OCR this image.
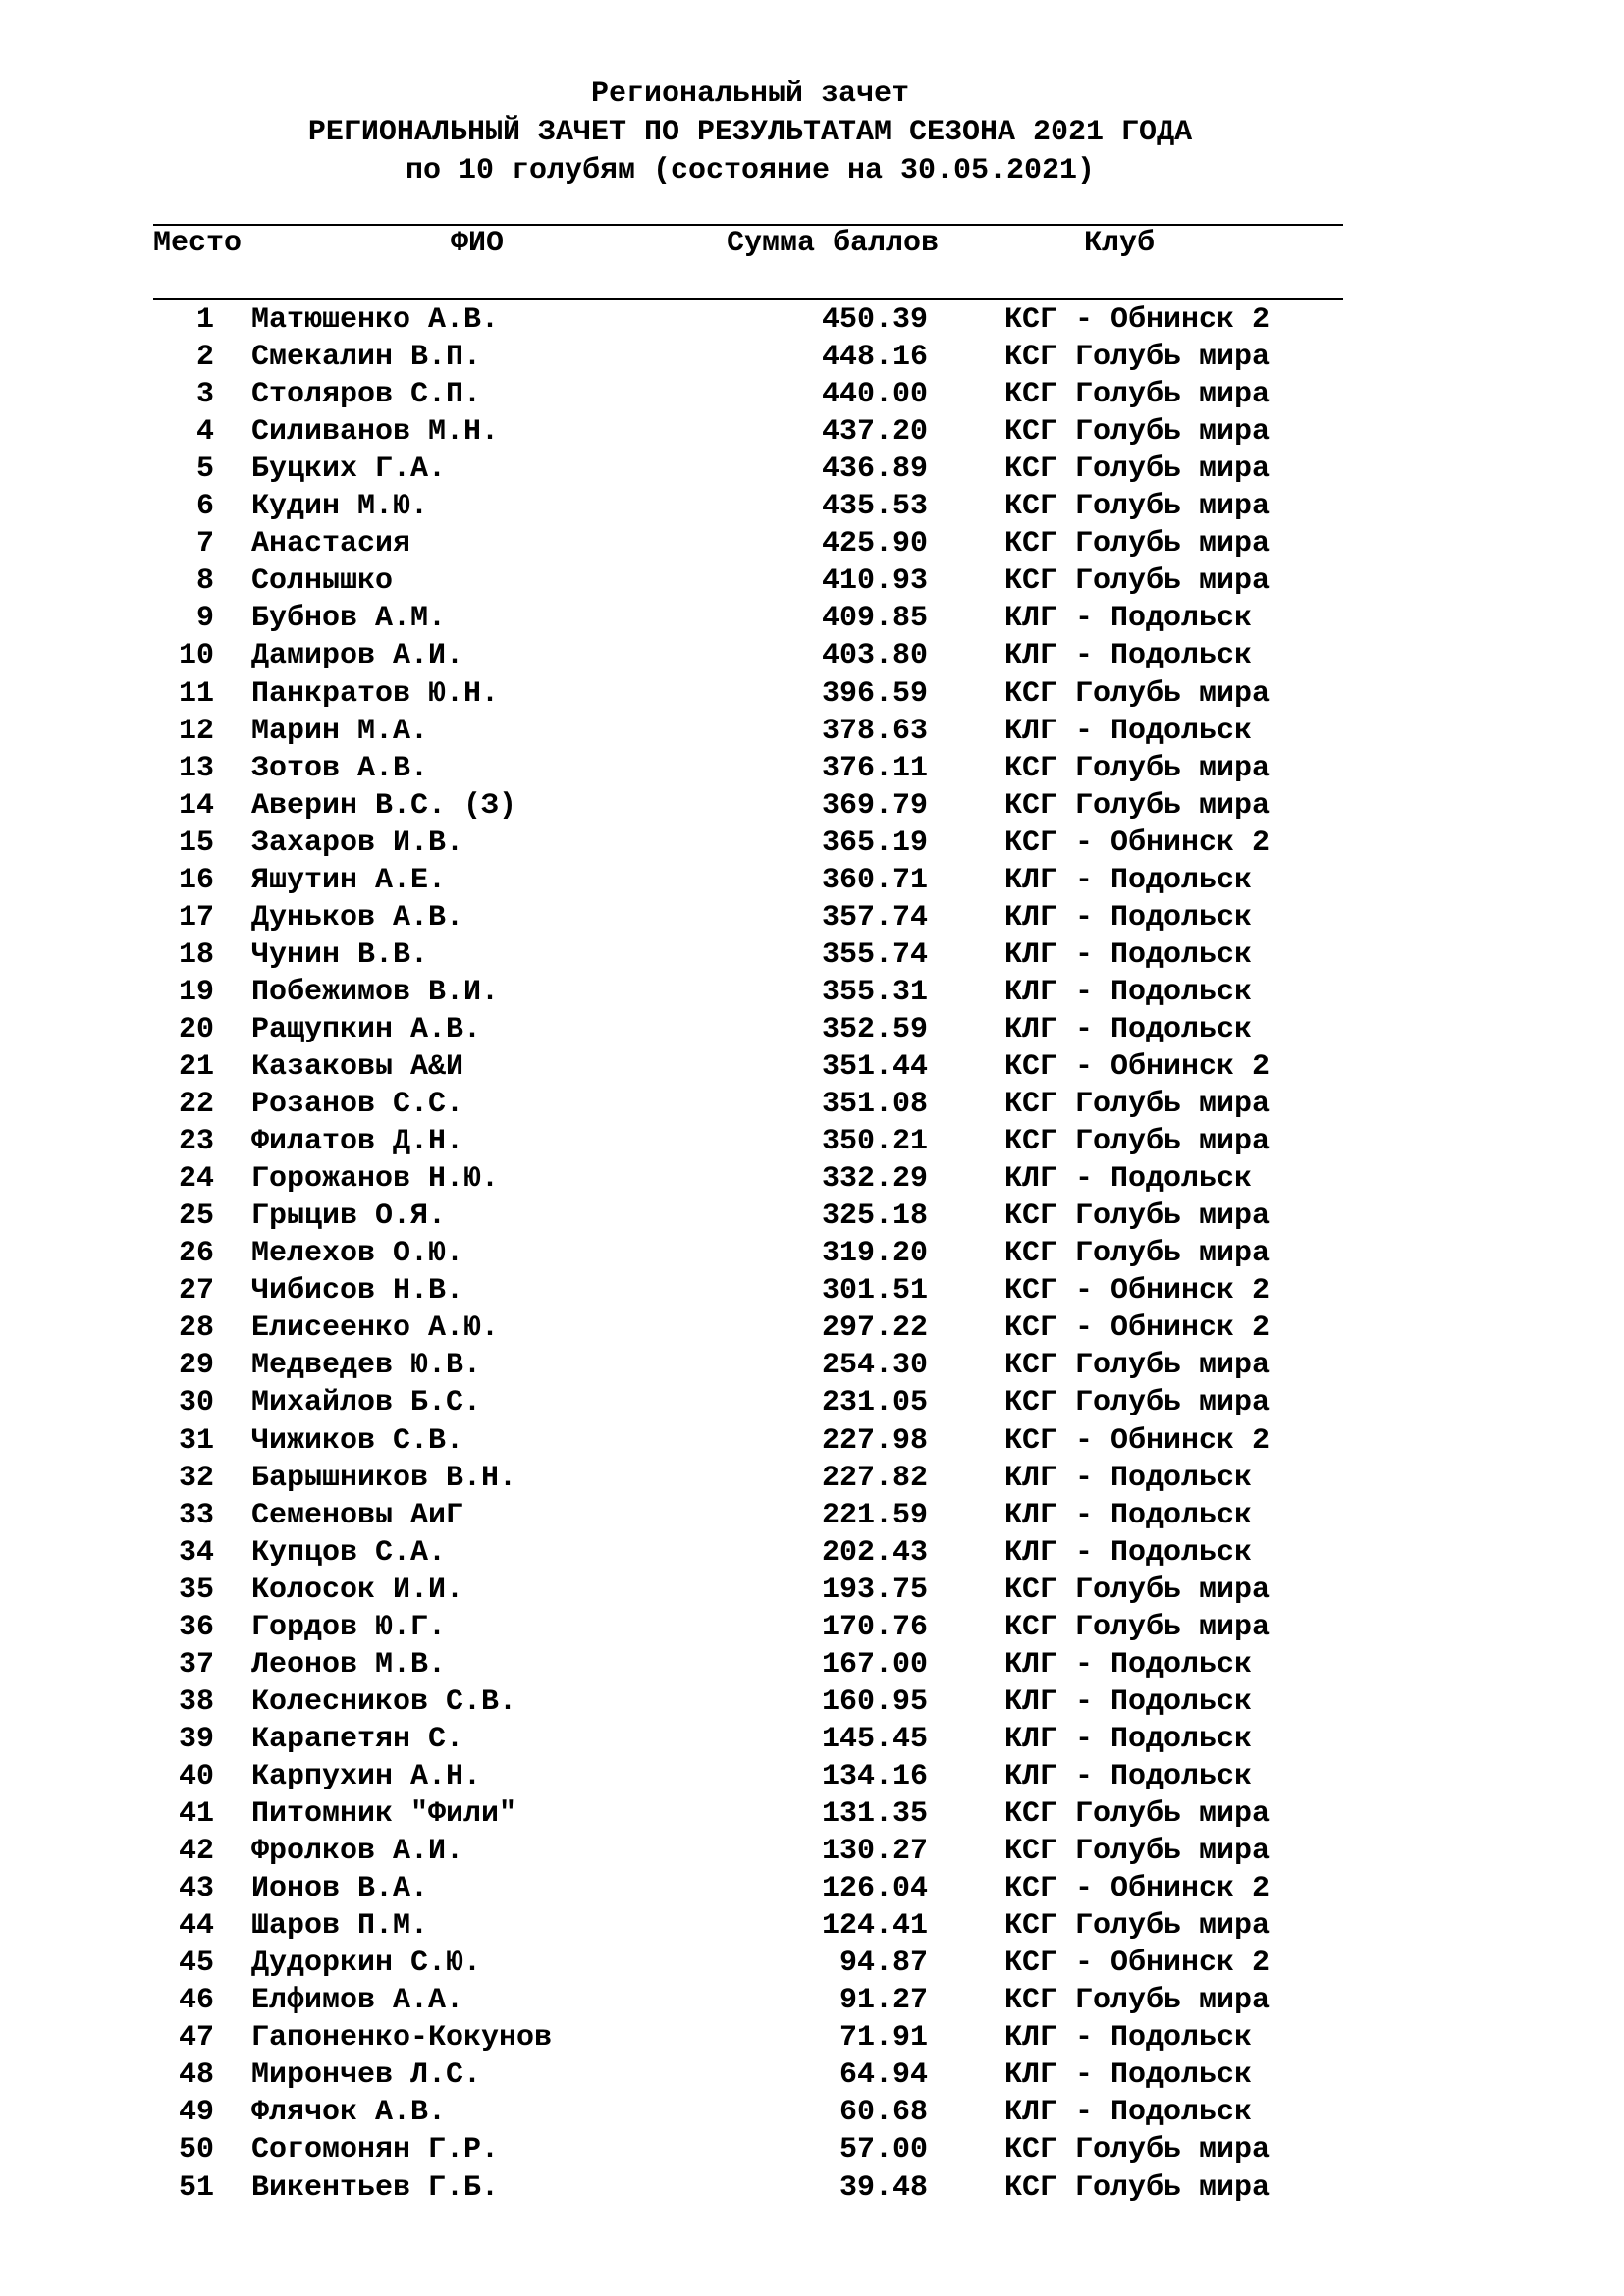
Региональный зачет
РЕГИОНАЛЬНЫЙ ЗАЧЕТ ПО РЕЗУЛЬТАТАМ СЕЗОНА 2021 ГОДА
по 10 голубям (состояние на 30.05.2021)
Место	ФИО	Сумма баллов	Клуб
1 Матюшенко А.В.	450.39	КСГ - Обнинск 2
2 Смекалин В.П.	448.16	КСГ Голубь мира
3 Столяров С.П.	440.00	КСГ Голубь мира
4 Силиванов М.Н.	437.20	КСГ Голубь мира
5 Буцких Г.А.	436.89	КСГ Голубь мира
6 Кудин М.Ю.	435.53	КСГ Голубь мира
7 Анастасия	425.90	КСГ Голубь мира
8 Солнышко	410.93	КСГ Голубь мира
9 Бубнов А.М.	409.85	КЛГ - Подольск
10 Дамиров А.И.	403.80	КЛГ - Подольск
11 Панкратов Ю.Н.	396.59	КСГ Голубь мира
12 Марин М.А.	378.63	КЛГ - Подольск
13 Зотов А.В.	376.11	КСГ Голубь мира
14 Аверин В.С. (З)	369.79	КСГ Голубь мира
15 Захаров И.В.	365.19	КСГ - Обнинск 2
16 Яшутин А.Е.	360.71	КЛГ - Подольск
17 Дуньков А.В.	357.74	КЛГ - Подольск
18 Чунин В.В.	355.74	КЛГ - Подольск
19 Побежимов В.И.	355.31	КЛГ - Подольск
20 Ращупкин А.В.	352.59	КЛГ - Подольск
21 Казаковы А&И	351.44	КСГ - Обнинск 2
22 Розанов С.С.	351.08	КСГ Голубь мира
23 Филатов Д.Н.	350.21	КСГ Голубь мира
24 Горожанов Н.Ю.	332.29	КЛГ - Подольск
25 Грыцив О.Я.	325.18	КСГ Голубь мира
26 Мелехов О.Ю.	319.20	КСГ Голубь мира
27 Чибисов Н.В.	301.51	КСГ - Обнинск 2
28 Елисеенко А.Ю.	297.22	КСГ - Обнинск 2
29 Медведев Ю.В.	254.30	КСГ Голубь мира
30 Михайлов Б.С.	231.05	КСГ Голубь мира
31 Чижиков С.В.	227.98	КСГ - Обнинск 2
32 Барышников В.Н.	227.82	КЛГ - Подольск
33 Семеновы АиГ	221.59	КЛГ - Подольск
34 Купцов С.А.	202.43	КЛГ - Подольск
35 Колосок И.И.	193.75	КСГ Голубь мира
36 Гордов Ю.Г.	170.76	КСГ Голубь мира
37 Леонов М.В.	167.00	КЛГ - Подольск
38 Колесников С.В.	160.95	КЛГ - Подольск
39 Карапетян С.	145.45	КЛГ - Подольск
40 Карпухин А.Н.	134.16	КЛГ - Подольск
41 Питомник "Фили"	131.35	КСГ Голубь мира
42 Фролков А.И.	130.27	КСГ Голубь мира
43 Ионов В.А.	126.04	КСГ - Обнинск 2
44 Шаров П.М.	124.41	КСГ Голубь мира
45 Дудоркин С.Ю.	94.87	КСГ - Обнинск 2
46 Елфимов А.А.	91.27	КСГ Голубь мира
47 Гапоненко-Кокунов	71.91	КЛГ - Подольск
48 Мирончев Л.С.	64.94	КЛГ - Подольск
49 Флячок А.В.	60.68	КЛГ - Подольск
50 Согомонян Г.Р.	57.00	КСГ Голубь мира
51 Викентьев Г.Б.	39.48	КСГ Голубь мира
